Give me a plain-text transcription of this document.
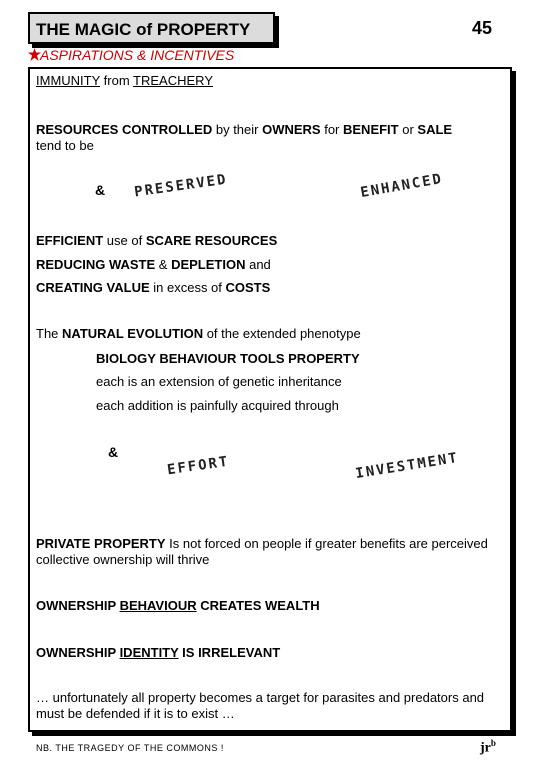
THE MAGIC of PROPERTY	45
ASPIRATIONS & INCENTIVES
IMMUNITY from TREACHERY
RESOURCES CONTROLLED by their OWNERS for BENEFIT or SALE
tend to be
& PRESERVED	ENHANCED
EFFICIENT use of SCARE RESOURCES
REDUCING WASTE & DEPLETION and
CREATING VALUE in excess of COSTS
The NATURAL EVOLUTION of the extended phenotype
BIOLOGY BEHAVIOUR TOOLS PROPERTY
each is an extension of genetic inheritance
each addition is painfully acquired through
&
EFFORT	INVESTMENT
PRIVATE PROPERTY Is not forced on people if greater benefits are perceived collective ownership will thrive
OWNERSHIP BEHAVIOUR CREATES WEALTH
OWNERSHIP IDENTITY IS IRRELEVANT
… unfortunately all property becomes a target for parasites and predators and must be defended if it is to exist …
NB. THE TRAGEDY OF THE COMMONS !	$jr^b$
